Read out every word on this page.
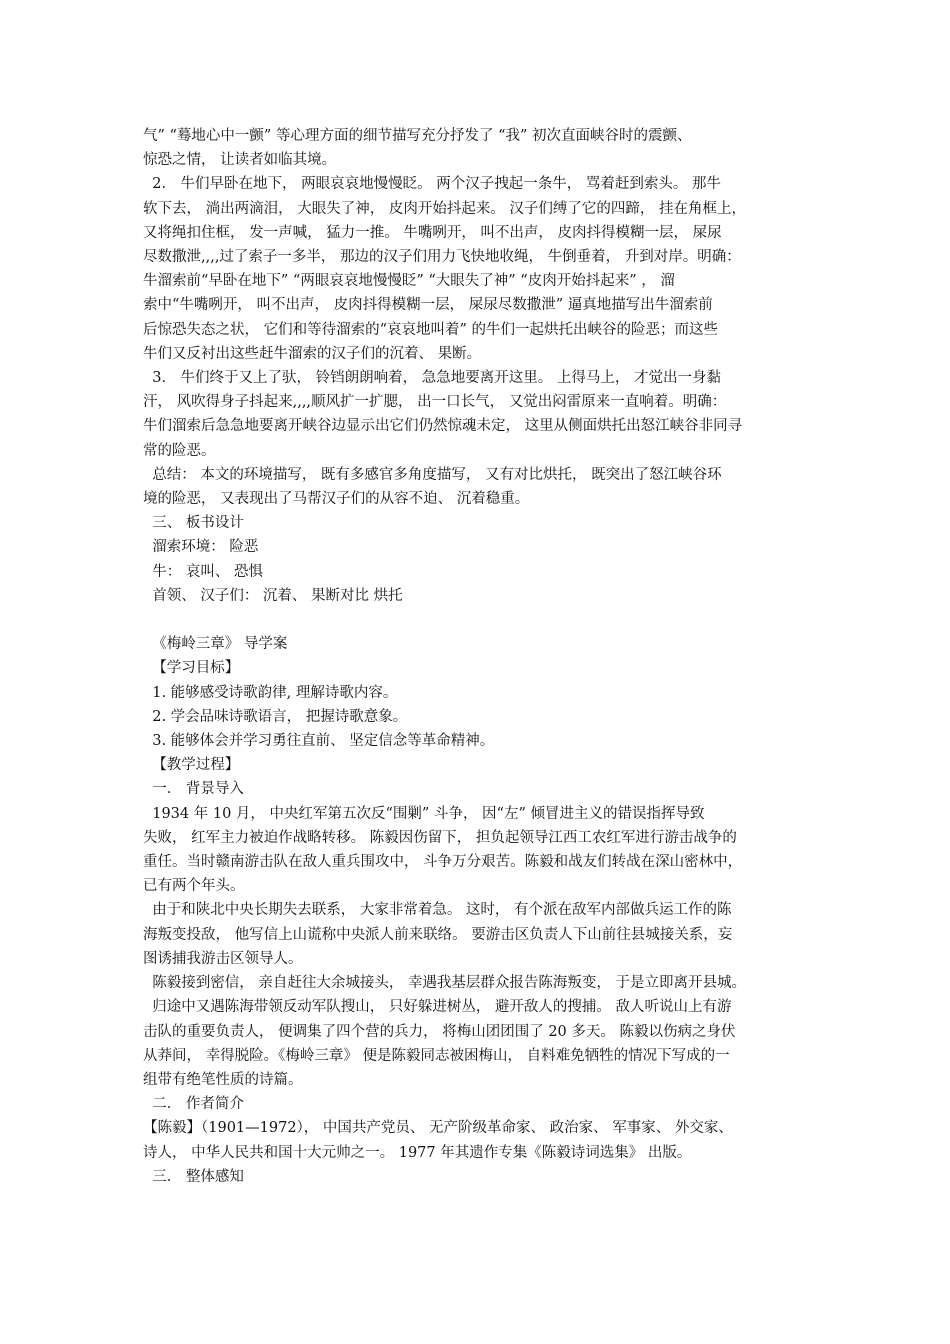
气” “蓦地心中一颤” 等心理方面的细节描写充分抒发了 “我” 初次直面峡谷时的震颤、

惊恐之情， 让读者如临其境。

2． 牛们早卧在地下， 两眼哀哀地慢慢眨。 两个汉子拽起一条牛， 骂着赶到索头。 那牛

软下去， 淌出两滴泪， 大眼失了神， 皮肉开始抖起来。 汉子们缚了它的四蹄， 挂在角框上，

又将绳扣住框， 发一声喊， 猛力一推。 牛嘴咧开， 叫不出声， 皮肉抖得模糊一层， 屎尿

尽数撒泄,,,,过了索子一多半， 那边的汉子们用力飞快地收绳， 牛倒垂着， 升到对岸。明确：

牛溜索前“早卧在地下” “两眼哀哀地慢慢眨” “大眼失了神” “皮肉开始抖起来” ， 溜

索中“牛嘴咧开， 叫不出声， 皮肉抖得模糊一层， 屎尿尽数撒泄” 逼真地描写出牛溜索前

后惊恐失态之状， 它们和等待溜索的“哀哀地叫着” 的牛们一起烘托出峡谷的险恶；而这些

牛们又反衬出这些赶牛溜索的汉子们的沉着、 果断。

3． 牛们终于又上了驮， 铃铛朗朗响着， 急急地要离开这里。 上得马上， 才觉出一身黏

汗， 风吹得身子抖起来,,,,顺风扩一扩腮， 出一口长气， 又觉出闷雷原来一直响着。明确：

牛们溜索后急急地要离开峡谷边显示出它们仍然惊魂未定， 这里从侧面烘托出怒江峡谷非同寻

常的险恶。

总结： 本文的环境描写， 既有多感官多角度描写， 又有对比烘托， 既突出了怒江峡谷环

境的险恶， 又表现出了马帮汉子们的从容不迫、 沉着稳重。

三、 板书设计

溜索环境： 险恶

牛： 哀叫、 恐惧

首领、 汉子们： 沉着、 果断对比 烘托

《梅岭三章》 导学案

【学习目标】

1. 能够感受诗歌韵律, 理解诗歌内容。

2. 学会品味诗歌语言， 把握诗歌意象。

3. 能够体会并学习勇往直前、 坚定信念等革命精神。

【教学过程】

一． 背景导入

1934 年 10 月， 中央红军第五次反“围剿” 斗争， 因“左” 倾冒进主义的错误指挥导致

失败， 红军主力被迫作战略转移。 陈毅因伤留下， 担负起领导江西工农红军进行游击战争的

重任。当时赣南游击队在敌人重兵围攻中， 斗争万分艰苦。陈毅和战友们转战在深山密林中，

已有两个年头。

由于和陕北中央长期失去联系， 大家非常着急。 这时， 有个派在敌军内部做兵运工作的陈

海叛变投敌， 他写信上山谎称中央派人前来联络。 要游击区负责人下山前往县城接关系，妄

图诱捕我游击区领导人。

陈毅接到密信， 亲自赶往大余城接头， 幸遇我基层群众报告陈海叛变， 于是立即离开县城。

归途中又遇陈海带领反动军队搜山， 只好躲进树丛， 避开敌人的搜捕。 敌人听说山上有游

击队的重要负责人， 便调集了四个营的兵力， 将梅山团团围了 20 多天。 陈毅以伤病之身伏

从莽间， 幸得脱险。《梅岭三章》 便是陈毅同志被困梅山， 自料难免牺牲的情况下写成的一

组带有绝笔性质的诗篇。

二． 作者简介

【陈毅】（1901—1972）， 中国共产党员、 无产阶级革命家、 政治家、 军事家、 外交家、

诗人， 中华人民共和国十大元帅之一。 1977 年其遗作专集《陈毅诗词选集》 出版。

三． 整体感知
